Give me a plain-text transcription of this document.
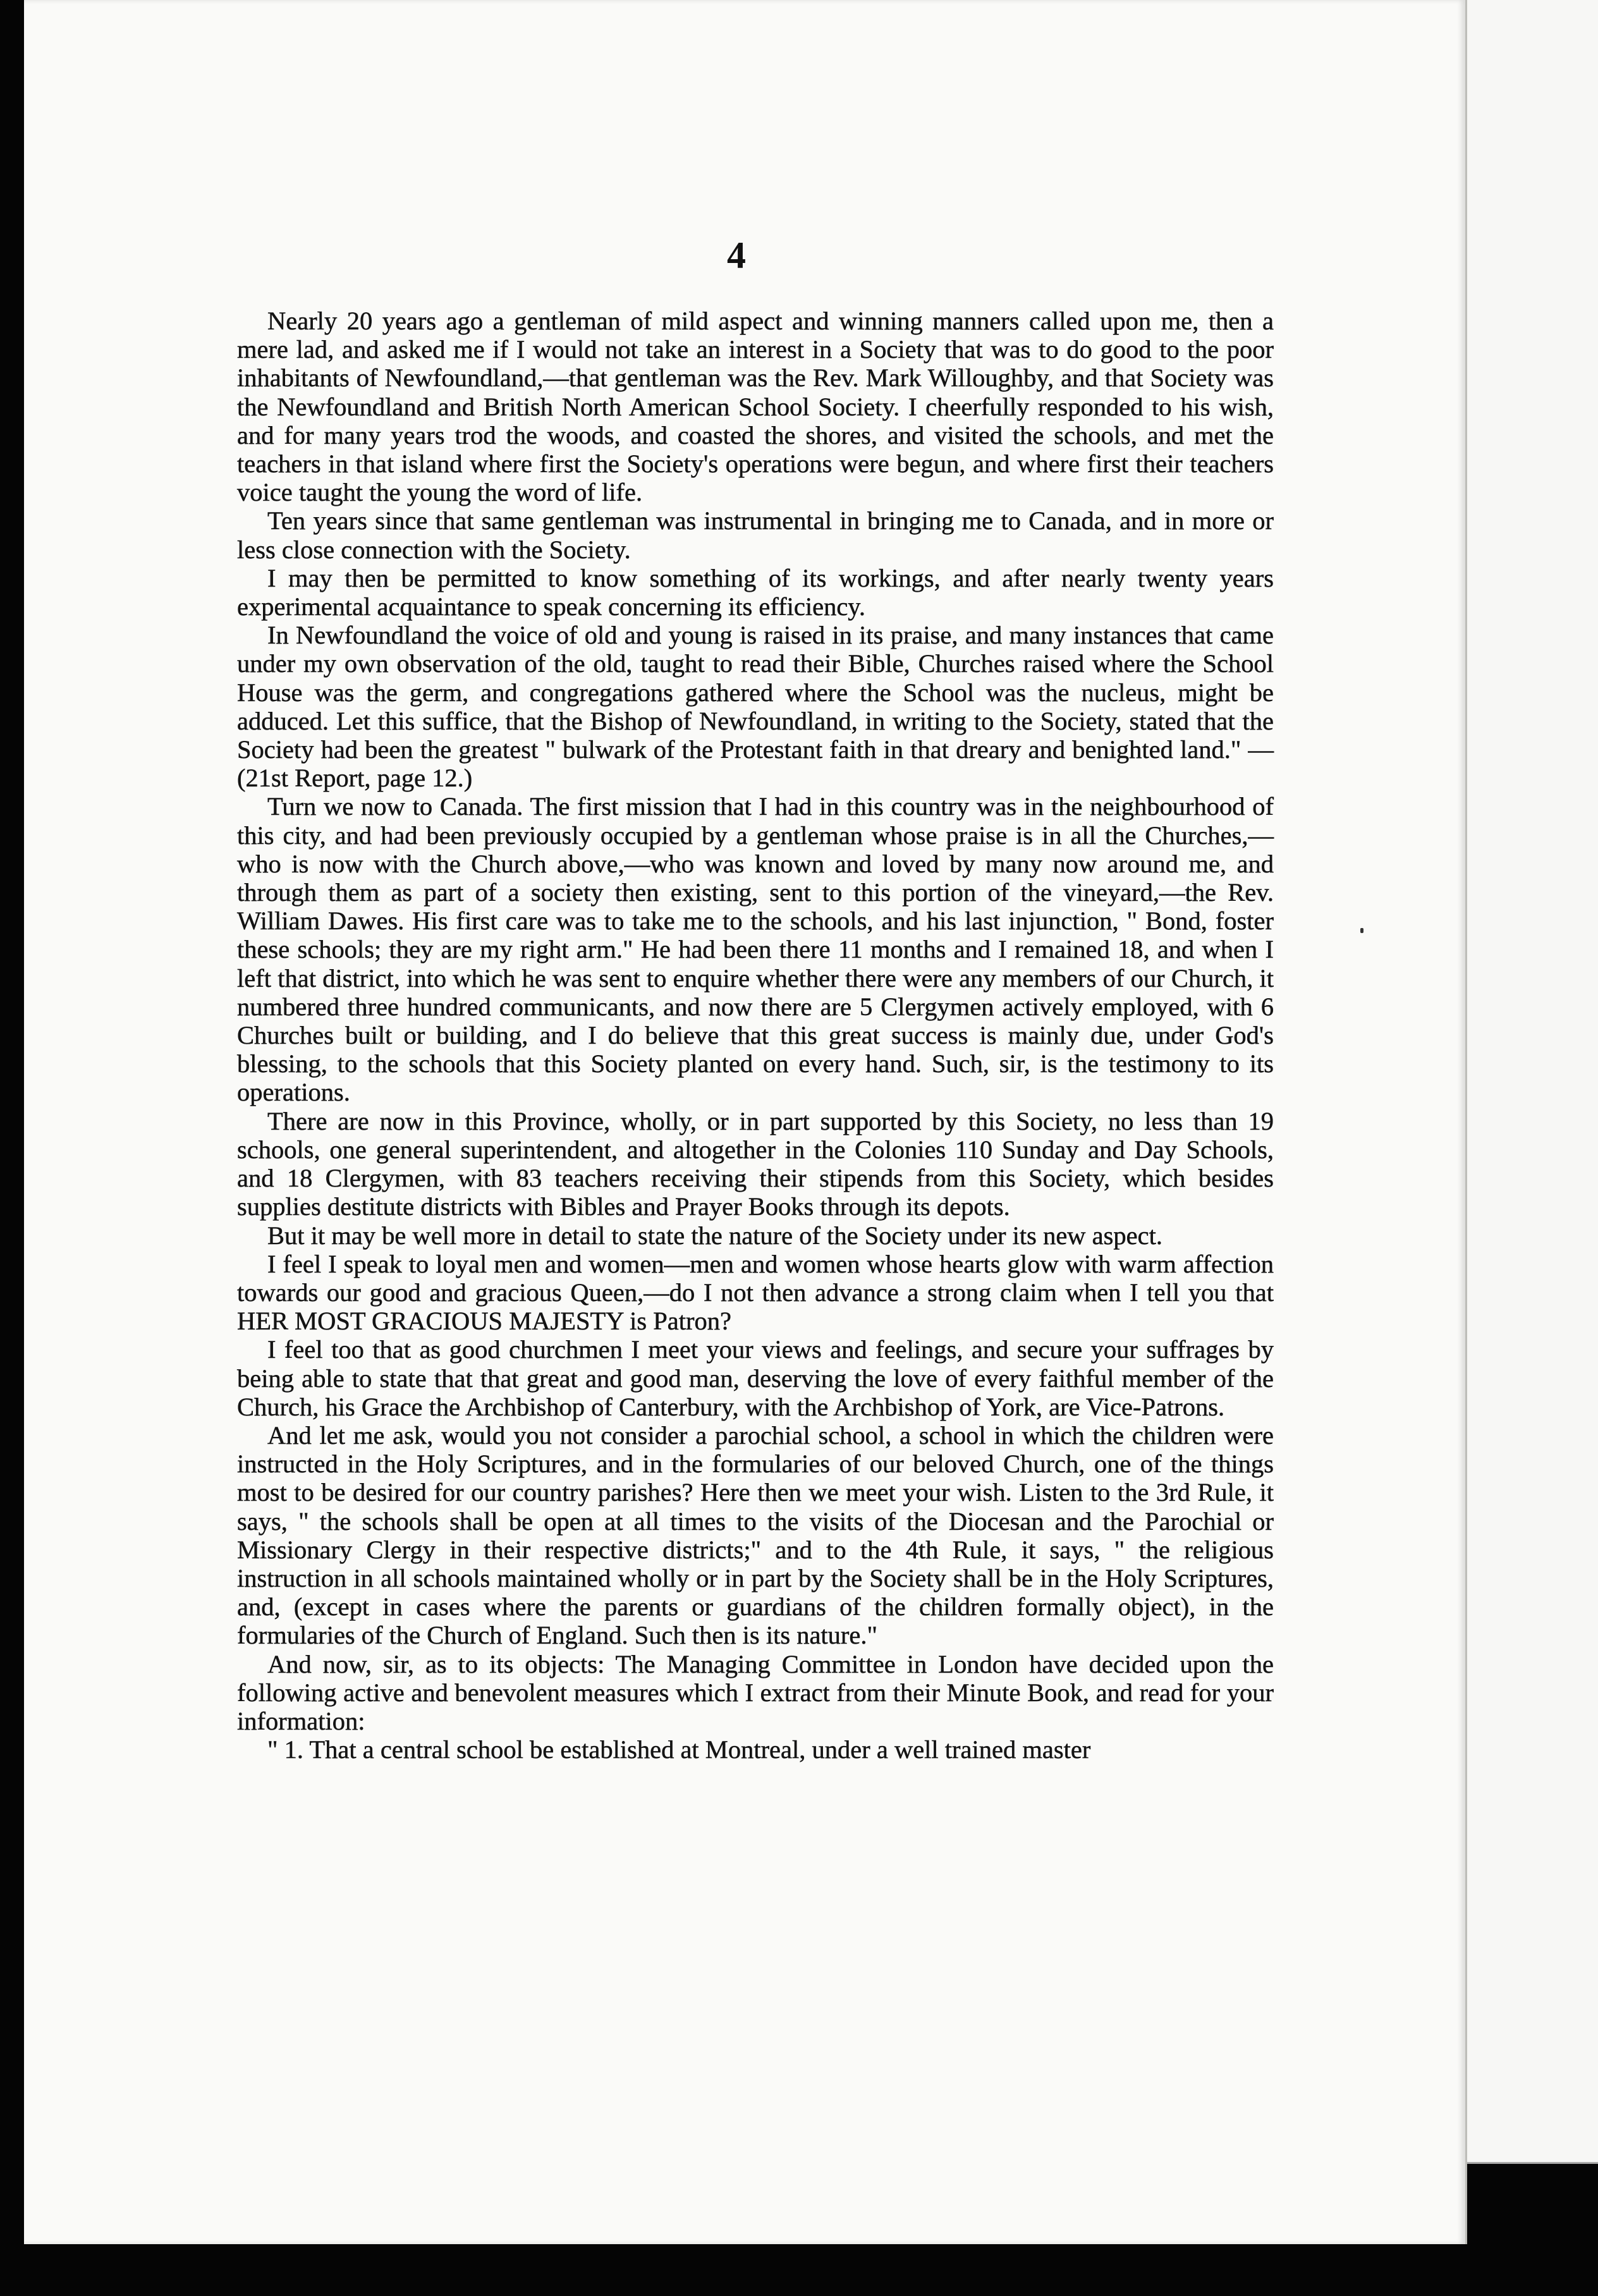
4

Nearly 20 years ago a gentleman of mild aspect and winning manners called upon me, then a mere lad, and asked me if I would not take an interest in a Society that was to do good to the poor inhabitants of Newfoundland,—that gentleman was the Rev. Mark Willoughby, and that Society was the Newfoundland and British North American School Society. I cheerfully responded to his wish, and for many years trod the woods, and coasted the shores, and visited the schools, and met the teachers in that island where first the Society's operations were begun, and where first their teachers voice taught the young the word of life.

Ten years since that same gentleman was instrumental in bringing me to Canada, and in more or less close connection with the Society.

I may then be permitted to know something of its workings, and after nearly twenty years experimental acquaintance to speak concerning its efficiency.

In Newfoundland the voice of old and young is raised in its praise, and many instances that came under my own observation of the old, taught to read their Bible, Churches raised where the School House was the germ, and congregations gathered where the School was the nucleus, might be adduced. Let this suffice, that the Bishop of Newfoundland, in writing to the Society, stated that the Society had been the greatest " bulwark of the Protestant faith in that dreary and benighted land." —(21st Report, page 12.)

Turn we now to Canada. The first mission that I had in this country was in the neighbourhood of this city, and had been previously occupied by a gentleman whose praise is in all the Churches,—who is now with the Church above,—who was known and loved by many now around me, and through them as part of a society then existing, sent to this portion of the vineyard,—the Rev. William Dawes. His first care was to take me to the schools, and his last injunction, " Bond, foster these schools; they are my right arm." He had been there 11 months and I remained 18, and when I left that district, into which he was sent to enquire whether there were any members of our Church, it numbered three hundred communicants, and now there are 5 Clergymen actively employed, with 6 Churches built or building, and I do believe that this great success is mainly due, under God's blessing, to the schools that this Society planted on every hand. Such, sir, is the testimony to its operations.

There are now in this Province, wholly, or in part supported by this Society, no less than 19 schools, one general superintendent, and altogether in the Colonies 110 Sunday and Day Schools, and 18 Clergymen, with 83 teachers receiving their stipends from this Society, which besides supplies destitute districts with Bibles and Prayer Books through its depots.

But it may be well more in detail to state the nature of the Society under its new aspect.

I feel I speak to loyal men and women—men and women whose hearts glow with warm affection towards our good and gracious Queen,—do I not then advance a strong claim when I tell you that HER MOST GRACIOUS MAJESTY is Patron?

I feel too that as good churchmen I meet your views and feelings, and secure your suffrages by being able to state that that great and good man, deserving the love of every faithful member of the Church, his Grace the Archbishop of Canterbury, with the Archbishop of York, are Vice-Patrons.

And let me ask, would you not consider a parochial school, a school in which the children were instructed in the Holy Scriptures, and in the formularies of our beloved Church, one of the things most to be desired for our country parishes? Here then we meet your wish. Listen to the 3rd Rule, it says, " the schools shall be open at all times to the visits of the Diocesan and the Parochial or Missionary Clergy in their respective districts;" and to the 4th Rule, it says, " the religious instruction in all schools maintained wholly or in part by the Society shall be in the Holy Scriptures, and, (except in cases where the parents or guardians of the children formally object), in the formularies of the Church of England. Such then is its nature."

And now, sir, as to its objects: The Managing Committee in London have decided upon the following active and benevolent measures which I extract from their Minute Book, and read for your information:

" 1. That a central school be established at Montreal, under a well trained master
